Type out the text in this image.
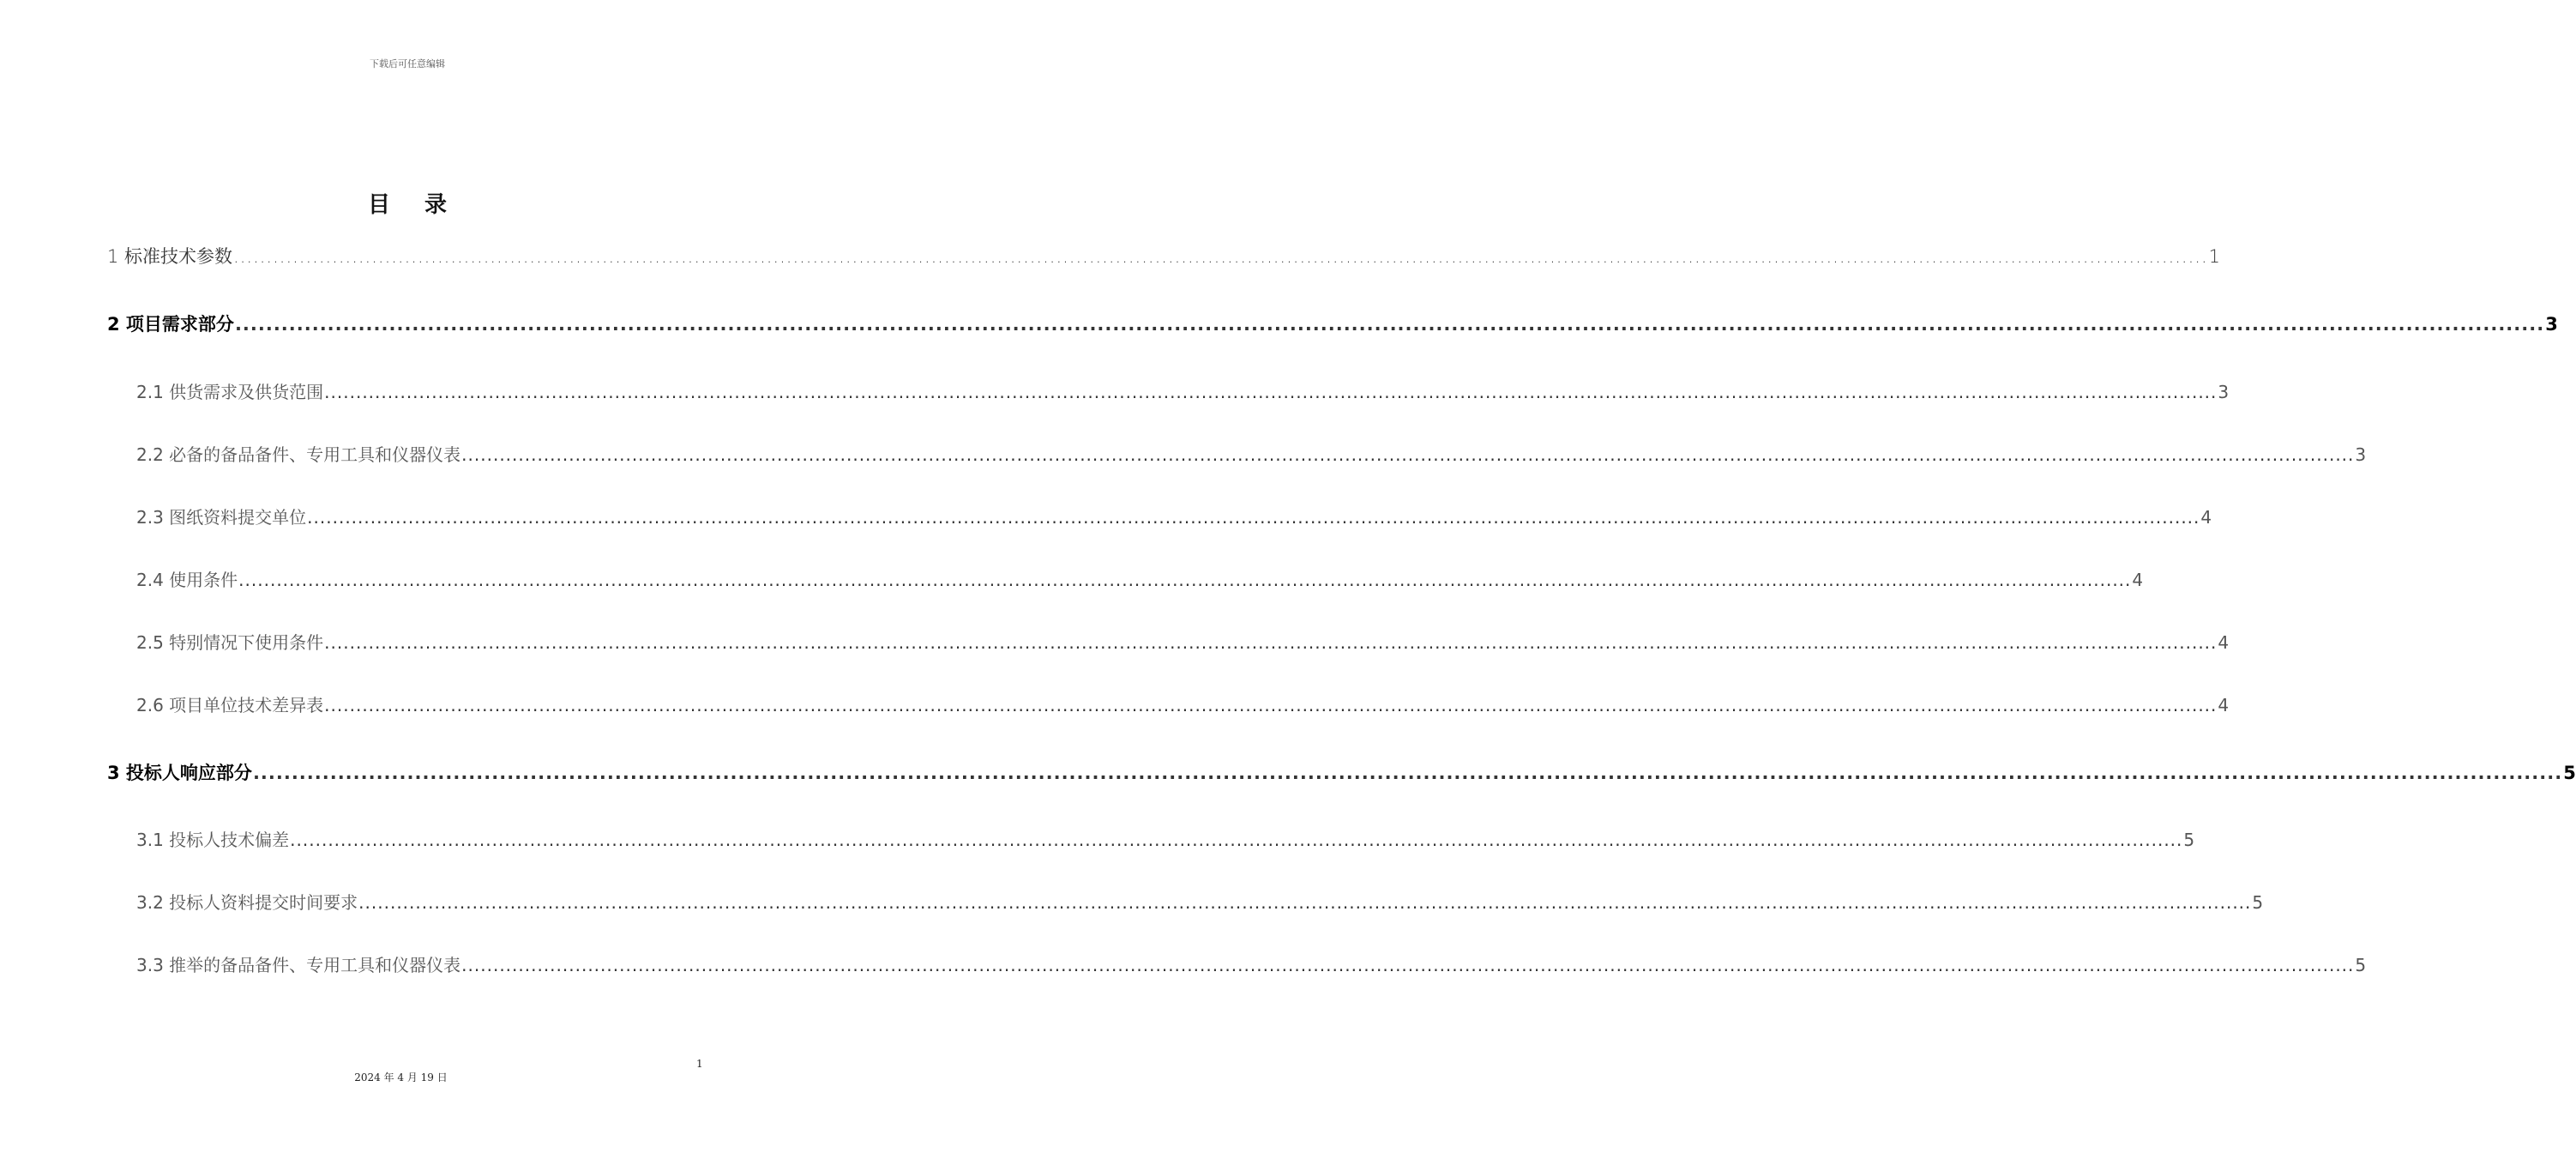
下载后可任意编辑
目 录
1 标准技术参数 ............................................................................................................................................................................................................................................................................................................ 1
2 项目需求部分 ............................................................................................................................................................................................................................................................................................................ 3
2.1 供货需求及供货范围 ............................................................................................................................................................................................................................................................................................................ 3
2.2 必备的备品备件、专用工具和仪器仪表 ............................................................................................................................................................................................................................................................................................................ 3
2.3 图纸资料提交单位 ............................................................................................................................................................................................................................................................................................................ 4
2.4 使用条件 ............................................................................................................................................................................................................................................................................................................ 4
2.5 特别情况下使用条件 ............................................................................................................................................................................................................................................................................................................ 4
2.6 项目单位技术差异表 ............................................................................................................................................................................................................................................................................................................ 4
3 投标人响应部分 ............................................................................................................................................................................................................................................................................................................ 5
3.1 投标人技术偏差 ............................................................................................................................................................................................................................................................................................................ 5
3.2 投标人资料提交时间要求 ............................................................................................................................................................................................................................................................................................................ 5
3.3 推举的备品备件、专用工具和仪器仪表 ............................................................................................................................................................................................................................................................................................................ 5
1
2024 年 4 月 19 日
